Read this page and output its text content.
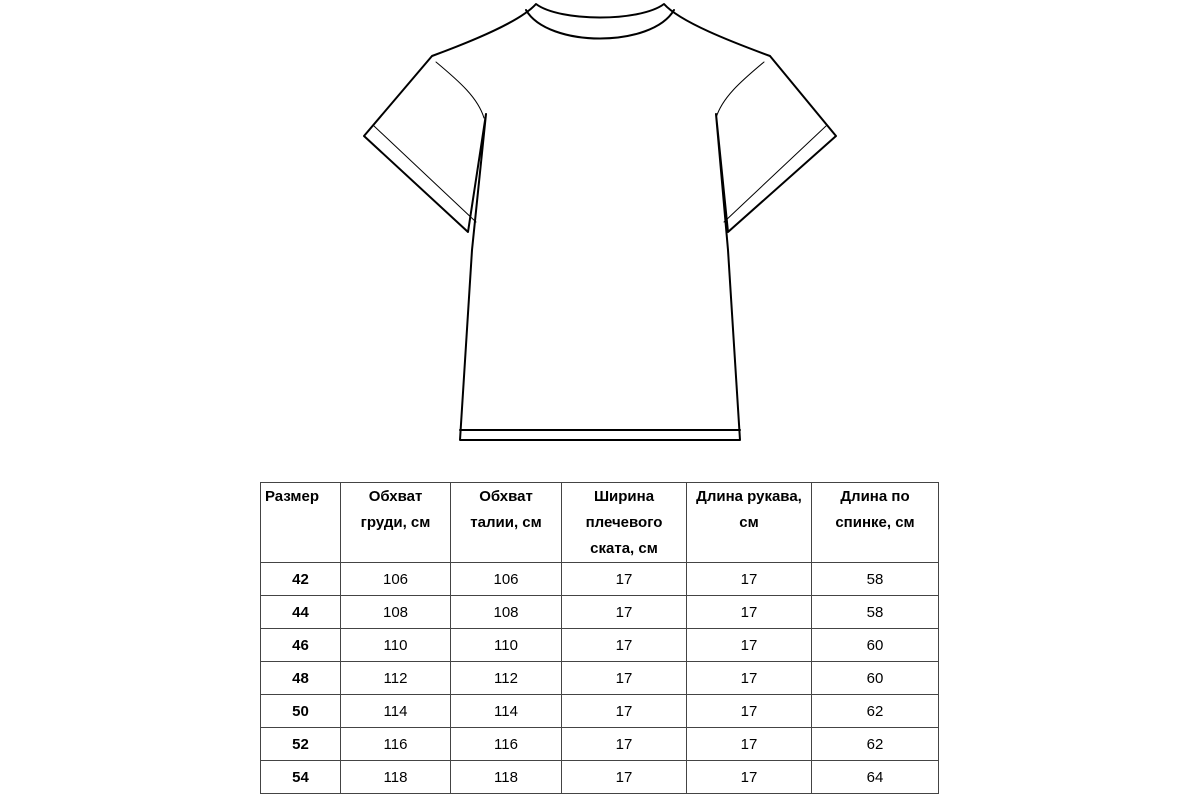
Размер	Обхват груди, см	Обхват талии, см	Ширина плечевого ската, см	Длина рукава, см	Длина по спинке, см
42	106	106	17	17	58
44	108	108	17	17	58
46	110	110	17	17	60
48	112	112	17	17	60
50	114	114	17	17	62
52	116	116	17	17	62
54	118	118	17	17	64
